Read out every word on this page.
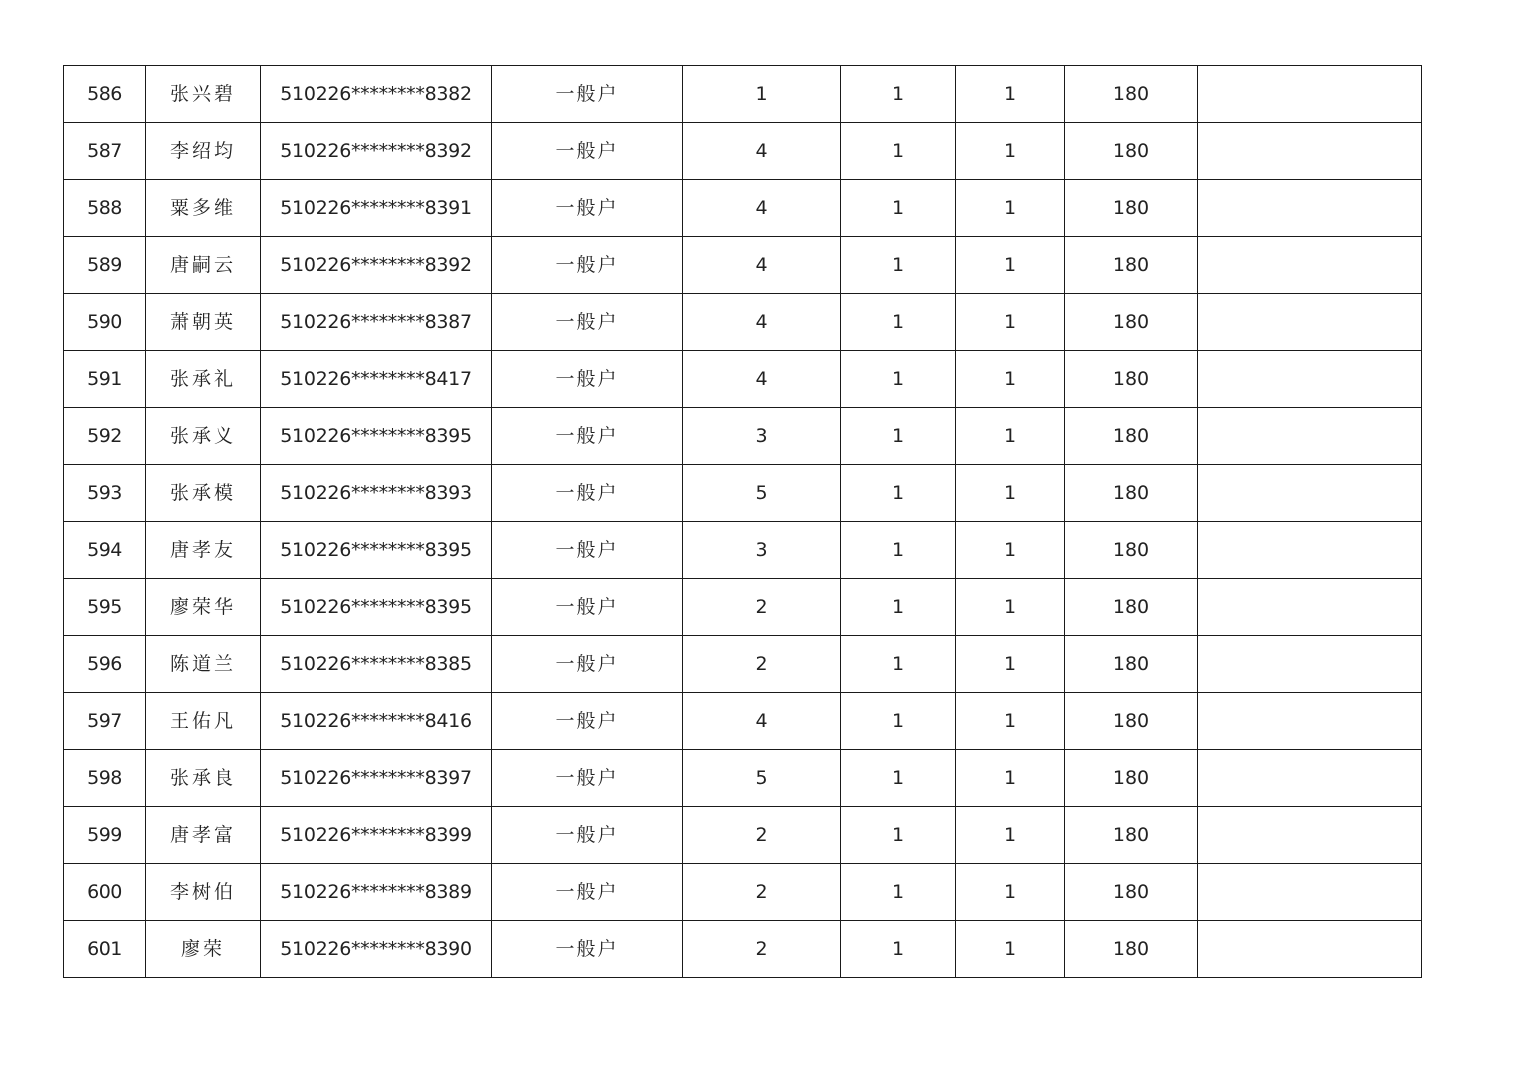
586	张兴碧	510226********8382	一般户	1	1	1	180	
587	李绍均	510226********8392	一般户	4	1	1	180	
588	粟多维	510226********8391	一般户	4	1	1	180	
589	唐嗣云	510226********8392	一般户	4	1	1	180	
590	萧朝英	510226********8387	一般户	4	1	1	180	
591	张承礼	510226********8417	一般户	4	1	1	180	
592	张承义	510226********8395	一般户	3	1	1	180	
593	张承模	510226********8393	一般户	5	1	1	180	
594	唐孝友	510226********8395	一般户	3	1	1	180	
595	廖荣华	510226********8395	一般户	2	1	1	180	
596	陈道兰	510226********8385	一般户	2	1	1	180	
597	王佑凡	510226********8416	一般户	4	1	1	180	
598	张承良	510226********8397	一般户	5	1	1	180	
599	唐孝富	510226********8399	一般户	2	1	1	180	
600	李树伯	510226********8389	一般户	2	1	1	180	
601	廖荣	510226********8390	一般户	2	1	1	180	
